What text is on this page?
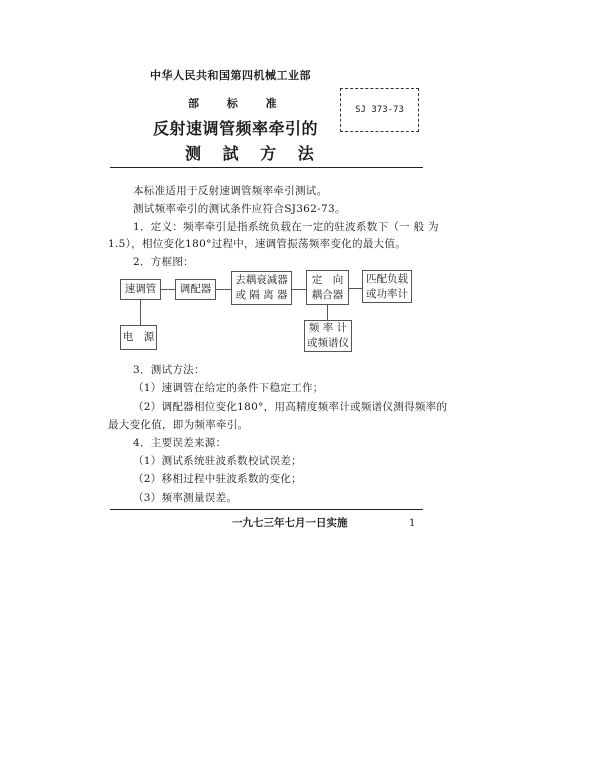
中华人民共和国第四机械工业部
部 标 准
反射速调管频率牵引的
测 試 方 法
SJ 373-73
本标准适用于反射速调管频率牵引测试。
测试频率牵引的测试条件应符合SJ362-73。
1．定义：频率牵引是指系统负载在一定的驻波系数下（一 般 为
1.5），相位变化180°过程中，速调管振荡频率变化的最大值。
2．方框图：
速调管 调配器
去耦衰减器
或 隔 离 器
定　向
耦合器
匹配负载
或功率计
电　源
频 率 计
或频谱仪
3．测试方法：
（1）速调管在给定的条件下稳定工作；
（2）调配器相位变化180°，用高精度频率计或频谱仪测得频率的
最大变化值，即为频率牵引。
4．主要误差来源：
（1）测试系统驻波系数校试误差；
（2）移相过程中驻波系数的变化；
（3）频率测量误差。
一九七三年七月一日实施	1
